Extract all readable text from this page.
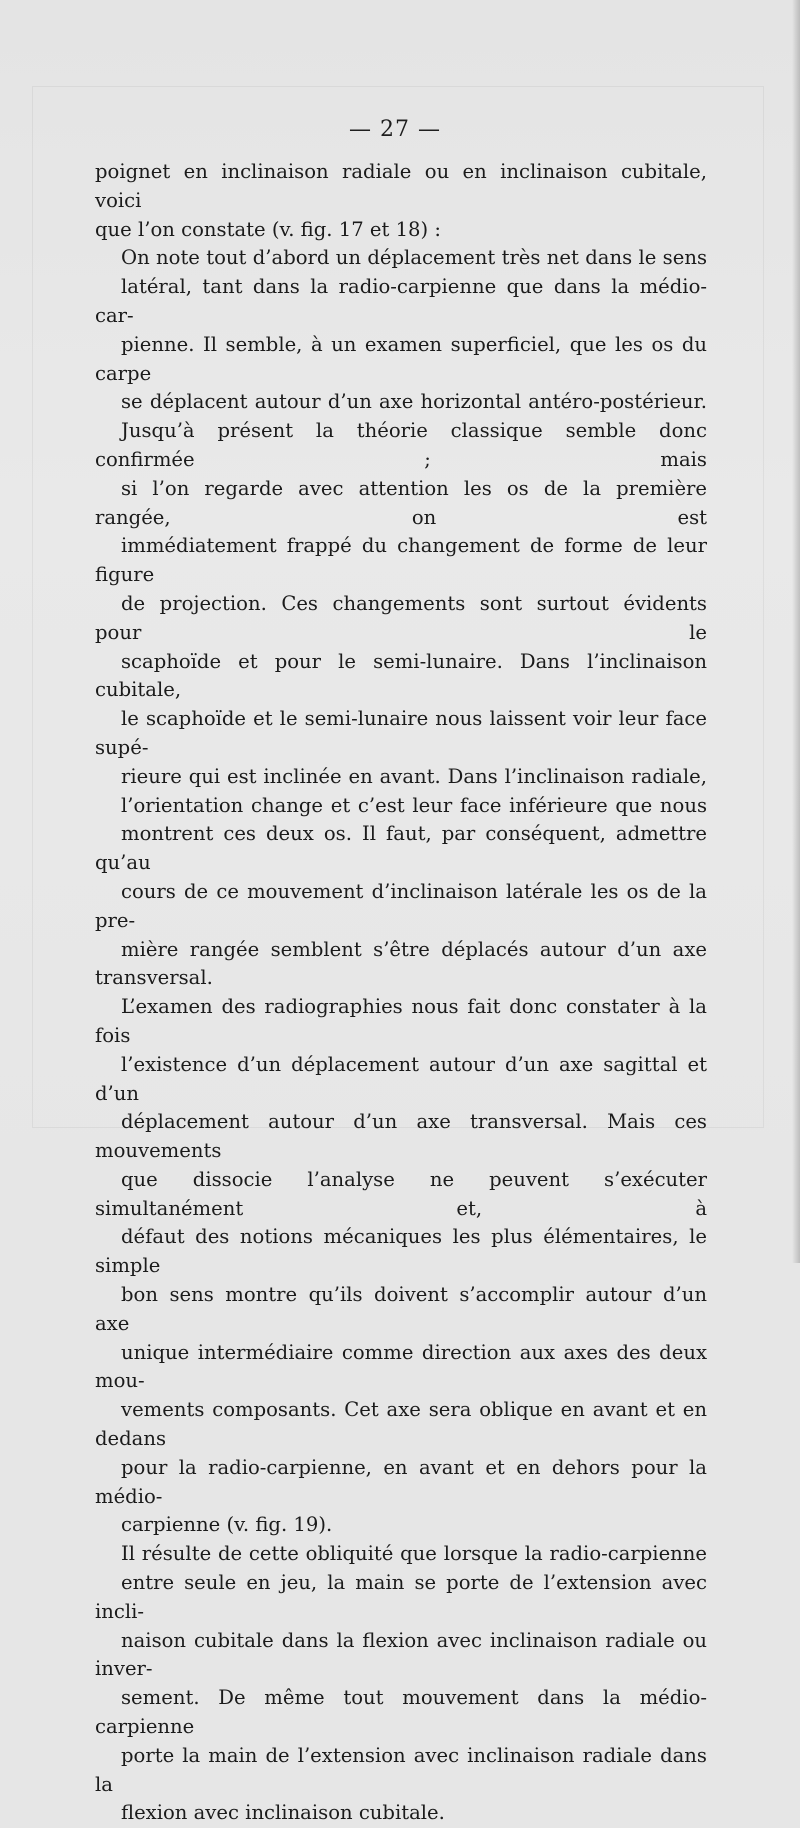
— 27 —

poignet en inclinaison radiale ou en inclinaison cubitale, voici
que l’on constate (v. fig. 17 et 18) :

On note tout d’abord un déplacement très net dans le sens
latéral, tant dans la radio-carpienne que dans la médio-car-
pienne. Il semble, à un examen superficiel, que les os du carpe
se déplacent autour d’un axe horizontal antéro-postérieur.
Jusqu’à présent la théorie classique semble donc confirmée ; mais
si l’on regarde avec attention les os de la première rangée, on est
immédiatement frappé du changement de forme de leur figure
de projection. Ces changements sont surtout évidents pour le
scaphoïde et pour le semi-lunaire. Dans l’inclinaison cubitale,
le scaphoïde et le semi-lunaire nous laissent voir leur face supé-
rieure qui est inclinée en avant. Dans l’inclinaison radiale,
l’orientation change et c’est leur face inférieure que nous
montrent ces deux os. Il faut, par conséquent, admettre qu’au
cours de ce mouvement d’inclinaison latérale les os de la pre-
mière rangée semblent s’être déplacés autour d’un axe transversal.

L’examen des radiographies nous fait donc constater à la fois
l’existence d’un déplacement autour d’un axe sagittal et d’un
déplacement autour d’un axe transversal. Mais ces mouvements
que dissocie l’analyse ne peuvent s’exécuter simultanément et, à
défaut des notions mécaniques les plus élémentaires, le simple
bon sens montre qu’ils doivent s’accomplir autour d’un axe
unique intermédiaire comme direction aux axes des deux mou-
vements composants. Cet axe sera oblique en avant et en dedans
pour la radio-carpienne, en avant et en dehors pour la médio-
carpienne (v. fig. 19).

Il résulte de cette obliquité que lorsque la radio-carpienne
entre seule en jeu, la main se porte de l’extension avec incli-
naison cubitale dans la flexion avec inclinaison radiale ou inver-
sement. De même tout mouvement dans la médio-carpienne
porte la main de l’extension avec inclinaison radiale dans la
flexion avec inclinaison cubitale.
